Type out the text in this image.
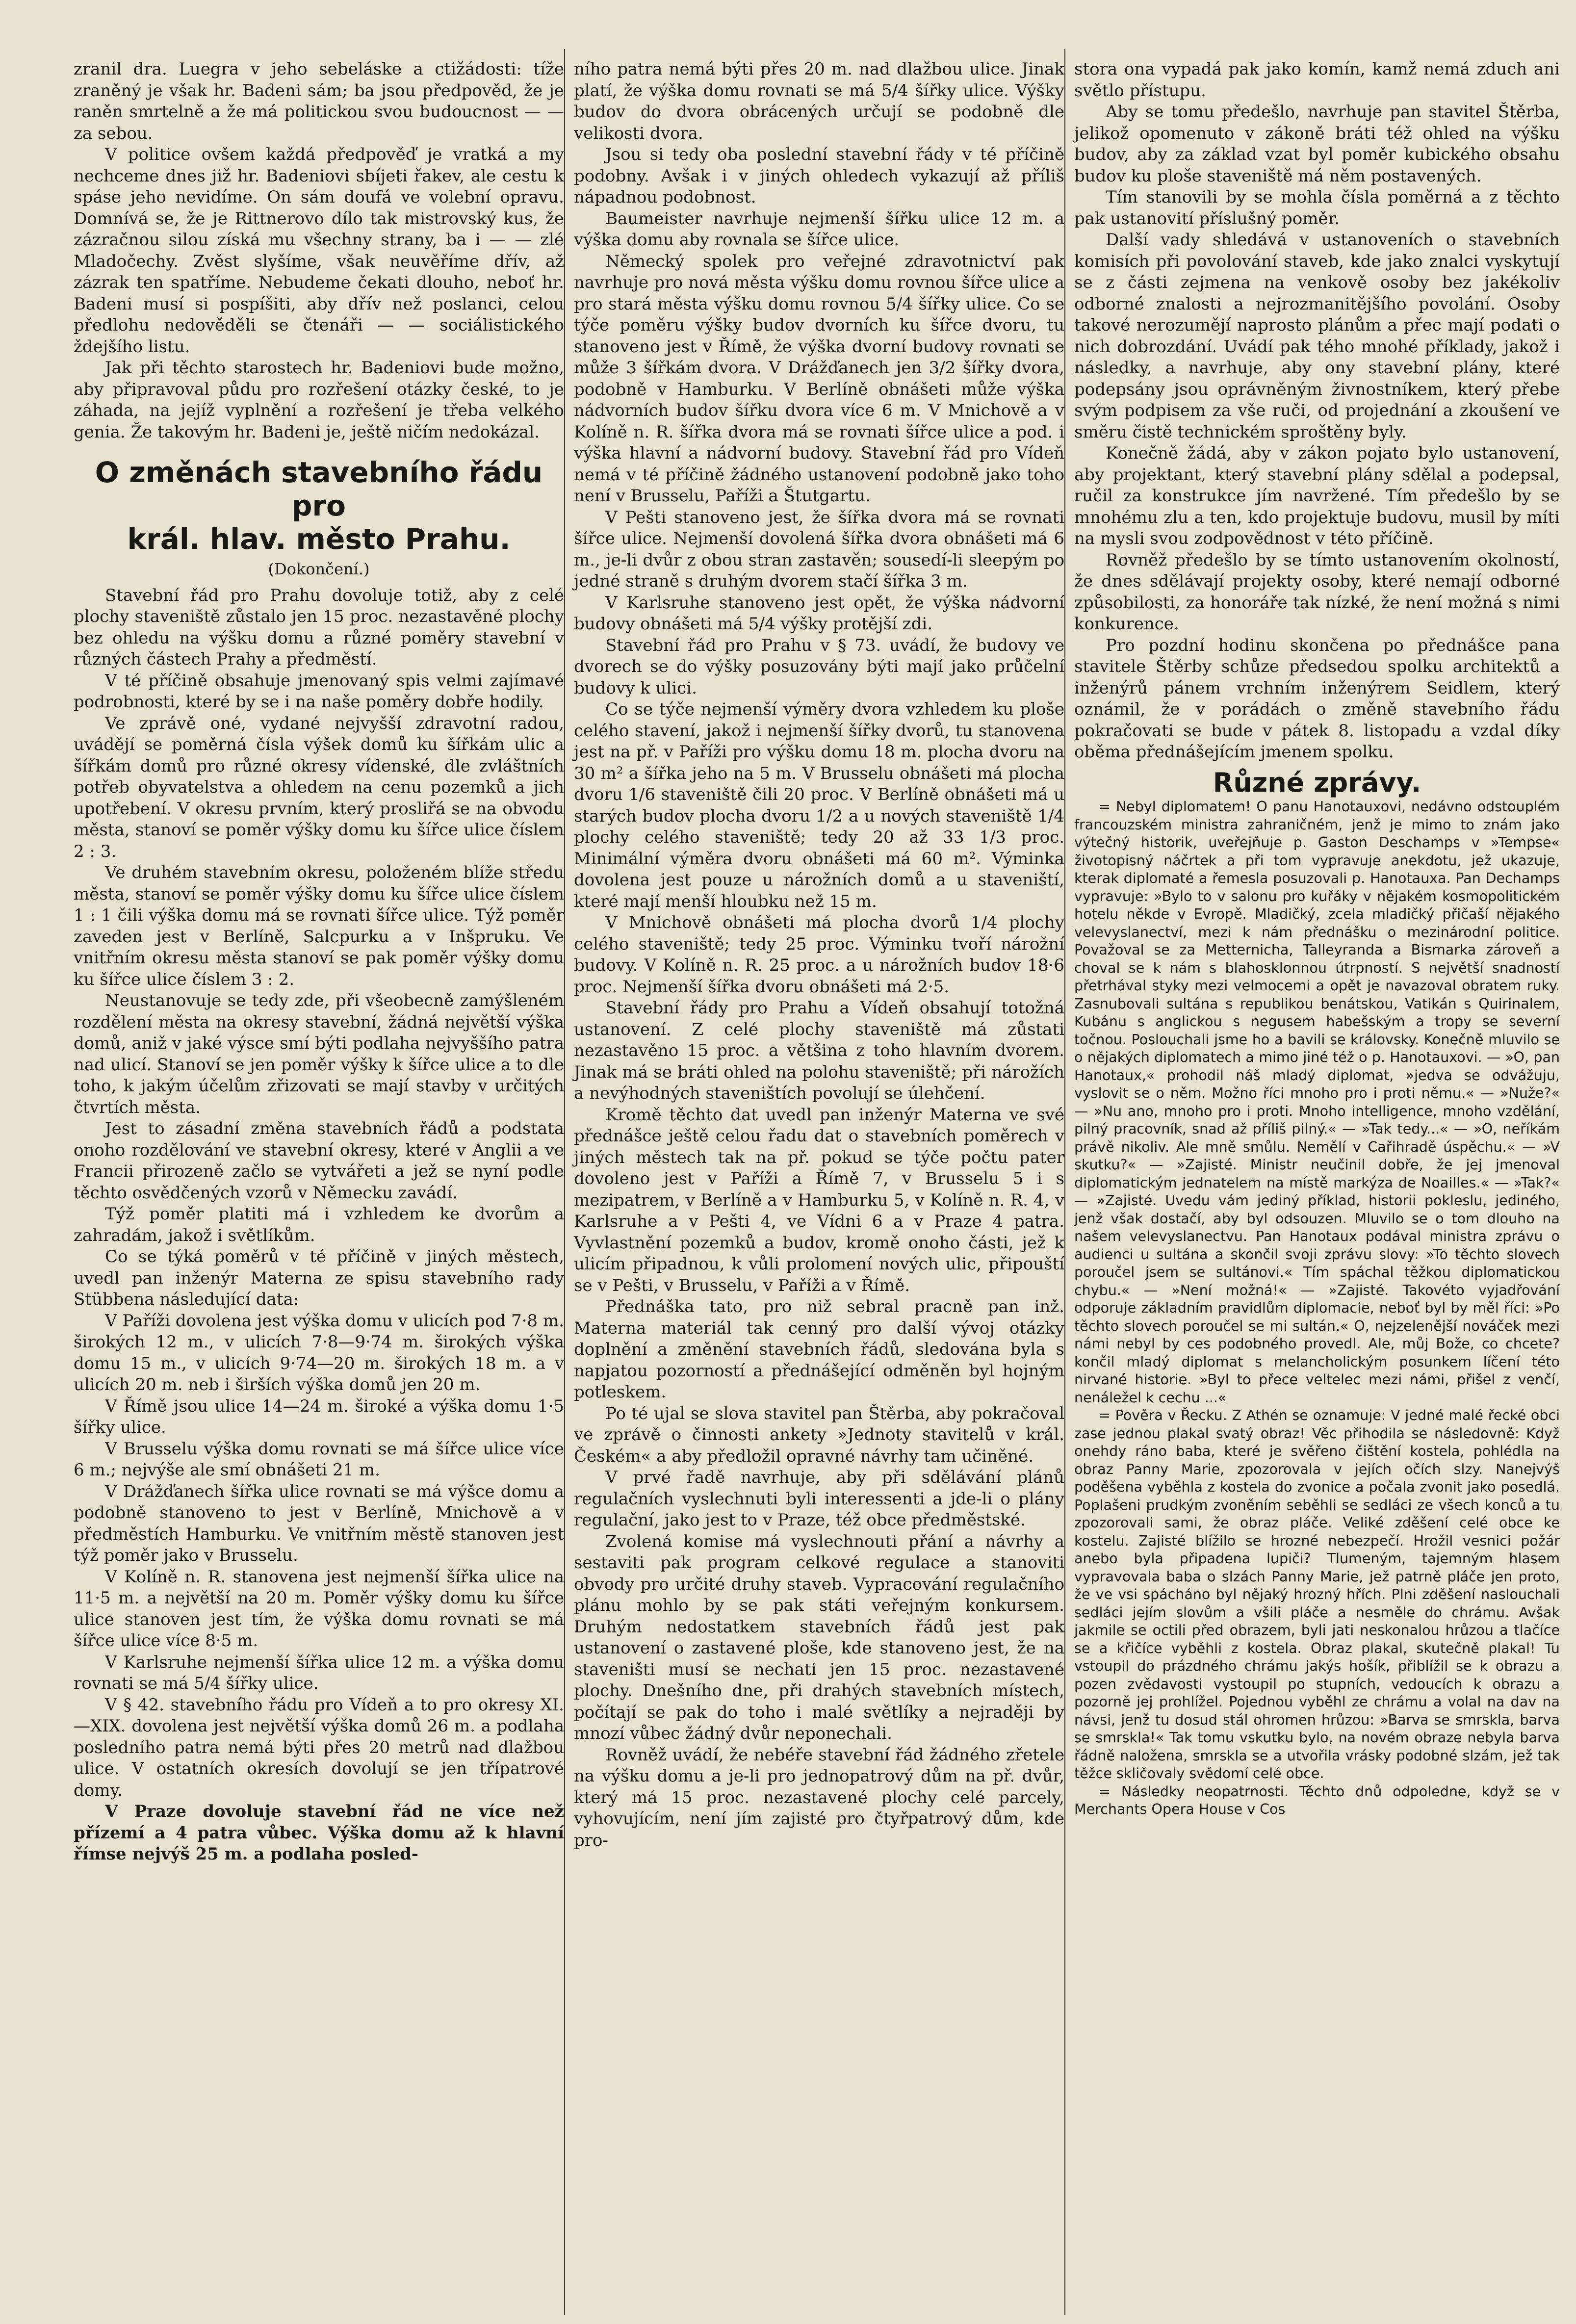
zranil dra. Luegra v jeho sebeláske a ctižádosti: tíže zraněný je však hr. Badeni sám; ba jsou předpověd, že je raněn smrtelně a že má politickou svou budoucnost — — za sebou.

V politice ovšem každá předpověď je vratká a my nechceme dnes již hr. Badeniovi sbíjeti řakev, ale cestu k spáse jeho nevidíme. On sám doufá ve volební opravu. Domnívá se, že je Rittnerovo dílo tak mistrovský kus, že zázračnou silou získá mu všechny strany, ba i — — zlé Mladočechy. Zvěst slyšíme, však neuvěříme dřív, až zázrak ten spatříme. Nebudeme čekati dlouho, neboť hr. Badeni musí si pospíšiti, aby dřív než poslanci, celou předlohu nedověděli se čtenáři — — sociálistického ždejšího listu.

Jak při těchto starostech hr. Badeniovi bude možno, aby připravoval půdu pro rozřešení otázky české, to je záhada, na jejíž vyplnění a rozřešení je třeba velkého genia. Že takovým hr. Badeni je, ještě ničím nedokázal.

O změnách stavebního řádu pro
král. hlav. město Prahu.
(Dokončení.)

Stavební řád pro Prahu dovoluje totiž, aby z celé plochy staveniště zůstalo jen 15 proc. nezastavěné plochy bez ohledu na výšku domu a různé poměry stavební v různých částech Prahy a předměstí.

V té příčině obsahuje jmenovaný spis velmi zajímavé podrobnosti, které by se i na naše poměry dobře hodily.

Ve zprávě oné, vydané nejvyšší zdravotní radou, uvádějí se poměrná čísla výšek domů ku šířkám ulic a šířkám domů pro různé okresy vídenské, dle zvláštních potřeb obyvatelstva a ohledem na cenu pozemků a jich upotřebení. V okresu prvním, který prosliřá se na obvodu města, stanoví se poměr výšky domu ku šířce ulice číslem 2 : 3.

Ve druhém stavebním okresu, položeném blíže středu města, stanoví se poměr výšky domu ku šířce ulice číslem 1 : 1 čili výška domu má se rovnati šířce ulice. Týž poměr zaveden jest v Berlíně, Salcpurku a v Inšpruku. Ve vnitřním okresu města stanoví se pak poměr výšky domu ku šířce ulice číslem 3 : 2.

Neustanovuje se tedy zde, při všeobecně zamýšleném rozdělení města na okresy stavební, žádná největší výška domů, aniž v jaké výsce smí býti podlaha nejvyššího patra nad ulicí. Stanoví se jen poměr výšky k šířce ulice a to dle toho, k jakým účelům zřizovati se mají stavby v určitých čtvrtích města.

Jest to zásadní změna stavebních řádů a podstata onoho rozdělování ve stavební okresy, které v Anglii a ve Francii přirozeně začlo se vytvářeti a jež se nyní podle těchto osvědčených vzorů v Německu zavádí.

Týž poměr platiti má i vzhledem ke dvorům a zahradám, jakož i světlíkům.

Co se týká poměrů v té příčině v jiných městech, uvedl pan inženýr Materna ze spisu stavebního rady Stübbena následující data:

V Paříži dovolena jest výška domu v ulicích pod 7·8 m. širokých 12 m., v ulicích 7·8—9·74 m. širokých výška domu 15 m., v ulicích 9·74—20 m. širokých 18 m. a v ulicích 20 m. neb i širších výška domů jen 20 m.

V Římě jsou ulice 14—24 m. široké a výška domu 1·5 šířky ulice.

V Brusselu výška domu rovnati se má šířce ulice více 6 m.; nejvýše ale smí obnášeti 21 m.

V Drážďanech šířka ulice rovnati se má výšce domu a podobně stanoveno to jest v Berlíně, Mnichově a v předměstích Hamburku. Ve vnitřním městě stanoven jest týž poměr jako v Brusselu.

V Kolíně n. R. stanovena jest nejmenší šířka ulice na 11·5 m. a největší na 20 m. Poměr výšky domu ku šířce ulice stanoven jest tím, že výška domu rovnati se má šířce ulice více 8·5 m.

V Karlsruhe nejmenší šířka ulice 12 m. a výška domu rovnati se má 5/4 šířky ulice.

V § 42. stavebního řádu pro Vídeň a to pro okresy XI.—XIX. dovolena jest největší výška domů 26 m. a podlaha posledního patra nemá býti přes 20 metrů nad dlažbou ulice. V ostatních okresích dovolují se jen třípatrové domy.

V Praze dovoluje stavební řád ne více než přízemí a 4 patra vůbec. Výška domu až k hlavní římse nejvýš 25 m. a podlaha posled-

ního patra nemá býti přes 20 m. nad dlažbou ulice. Jinak platí, že výška domu rovnati se má 5/4 šířky ulice. Výšky budov do dvora obrácených určují se podobně dle velikosti dvora.

Jsou si tedy oba poslední stavební řády v té příčině podobny. Avšak i v jiných ohledech vykazují až příliš nápadnou podobnost.

Baumeister navrhuje nejmenší šířku ulice 12 m. a výška domu aby rovnala se šířce ulice.

Německý spolek pro veřejné zdravotnictví pak navrhuje pro nová města výšku domu rovnou šířce ulice a pro stará města výšku domu rovnou 5/4 šířky ulice. Co se týče poměru výšky budov dvorních ku šířce dvoru, tu stanoveno jest v Římě, že výška dvorní budovy rovnati se může 3 šířkám dvora. V Drážďanech jen 3/2 šířky dvora, podobně v Hamburku. V Berlíně obnášeti může výška nádvorních budov šířku dvora více 6 m. V Mnichově a v Kolíně n. R. šířka dvora má se rovnati šířce ulice a pod. i výška hlavní a nádvorní budovy. Stavební řád pro Vídeň nemá v té příčině žádného ustanovení podobně jako toho není v Brusselu, Paříži a Štutgartu.

V Pešti stanoveno jest, že šířka dvora má se rovnati šířce ulice. Nejmenší dovolená šířka dvora obnášeti má 6 m., je-li dvůr z obou stran zastavěn; sousedí-li sleepým po jedné straně s druhým dvorem stačí šířka 3 m.

V Karlsruhe stanoveno jest opět, že výška nádvorní budovy obnášeti má 5/4 výšky protější zdi.

Stavební řád pro Prahu v § 73. uvádí, že budovy ve dvorech se do výšky posuzovány býti mají jako průčelní budovy k ulici.

Co se týče nejmenší výměry dvora vzhledem ku ploše celého stavení, jakož i nejmenší šířky dvorů, tu stanovena jest na př. v Paříži pro výšku domu 18 m. plocha dvoru na 30 m² a šířka jeho na 5 m. V Brusselu obnášeti má plocha dvoru 1/6 staveniště čili 20 proc. V Berlíně obnášeti má u starých budov plocha dvoru 1/2 a u nových staveniště 1/4 plochy celého staveniště; tedy 20 až 33 1/3 proc. Minimální výměra dvoru obnášeti má 60 m². Výminka dovolena jest pouze u nárožních domů a u staveniští, které mají menší hloubku než 15 m.

V Mnichově obnášeti má plocha dvorů 1/4 plochy celého staveniště; tedy 25 proc. Výminku tvoří nárožní budovy. V Kolíně n. R. 25 proc. a u nárožních budov 18·6 proc. Nejmenší šířka dvoru obnášeti má 2·5.

Stavební řády pro Prahu a Vídeň obsahují totožná ustanovení. Z celé plochy staveniště má zůstati nezastavěno 15 proc. a většina z toho hlavním dvorem. Jinak má se bráti ohled na polohu staveniště; při nárožích a nevýhodných staveništích povolují se úlehčení.

Kromě těchto dat uvedl pan inženýr Materna ve své přednášce ještě celou řadu dat o stavebních poměrech v jiných městech tak na př. pokud se týče počtu pater dovoleno jest v Paříži a Římě 7, v Brusselu 5 i s mezipatrem, v Berlíně a v Hamburku 5, v Kolíně n. R. 4, v Karlsruhe a v Pešti 4, ve Vídni 6 a v Praze 4 patra. Vyvlastnění pozemků a budov, kromě onoho části, jež k ulicím připadnou, k vůli prolomení nových ulic, připouští se v Pešti, v Brusselu, v Paříži a v Římě.

Přednáška tato, pro niž sebral pracně pan inž. Materna materiál tak cenný pro další vývoj otázky doplnění a změnění stavebních řádů, sledována byla s napjatou pozorností a přednášející odměněn byl hojným potleskem.

Po té ujal se slova stavitel pan Štěrba, aby pokračoval ve zprávě o činnosti ankety »Jednoty stavitelů v král. Českém« a aby předložil opravné návrhy tam učiněné.

V prvé řadě navrhuje, aby při sdělávání plánů regulačních vyslechnuti byli interessenti a jde-li o plány regulační, jako jest to v Praze, též obce předměstské.

Zvolená komise má vyslechnouti přání a návrhy a sestaviti pak program celkové regulace a stanoviti obvody pro určité druhy staveb. Vypracování regulačního plánu mohlo by se pak státi veřejným konkursem. Druhým nedostatkem stavebních řádů jest pak ustanovení o zastavené ploše, kde stanoveno jest, že na staveništi musí se nechati jen 15 proc. nezastavené plochy. Dnešního dne, při drahých stavebních místech, počítají se pak do toho i malé světlíky a nejraději by mnozí vůbec žádný dvůr neponechali.

Rovněž uvádí, že nebéře stavební řád žádného zřetele na výšku domu a je-li pro jednopatrový dům na př. dvůr, který má 15 proc. nezastavené plochy celé parcely, vyhovujícím, není jím zajisté pro čtyřpatrový dům, kde pro-

stora ona vypadá pak jako komín, kamž nemá zduch ani světlo přístupu.

Aby se tomu předešlo, navrhuje pan stavitel Štěrba, jelikož opomenuto v zákoně bráti též ohled na výšku budov, aby za základ vzat byl poměr kubického obsahu budov ku ploše staveniště má něm postavených.

Tím stanovili by se mohla čísla poměrná a z těchto pak ustanovití příslušný poměr.

Další vady shledává v ustanoveních o stavebních komisích při povolování staveb, kde jako znalci vyskytují se z části zejmena na venkově osoby bez jakékoliv odborné znalosti a nejrozmanitějšího povolání. Osoby takové nerozumějí naprosto plánům a přec mají podati o nich dobrozdání. Uvádí pak tého mnohé příklady, jakož i následky, a navrhuje, aby ony stavební plány, které podepsány jsou oprávněným živnostníkem, který přebe svým podpisem za vše ruči, od projednání a zkoušení ve směru čistě technickém sproštěny byly.

Konečně žádá, aby v zákon pojato bylo ustanovení, aby projektant, který stavební plány sdělal a podepsal, ručil za konstrukce jím navržené. Tím předešlo by se mnohému zlu a ten, kdo projektuje budovu, musil by míti na mysli svou zodpovědnost v této příčině.

Rovněž předešlo by se tímto ustanovením okolností, že dnes sdělávají projekty osoby, které nemají odborné způsobilosti, za honoráře tak nízké, že není možná s nimi konkurence.

Pro pozdní hodinu skončena po přednášce pana stavitele Štěrby schůze předsedou spolku architektů a inženýrů pánem vrchním inženýrem Seidlem, který oznámil, že v porádách o změně stavebního řádu pokračovati se bude v pátek 8. listopadu a vzdal díky oběma přednášejícím jmenem spolku.

Různé zprávy.

= Nebyl diplomatem! O panu Hanotauxovi, nedávno odstouplém francouzském ministra zahraničném, jenž je mimo to znám jako výtečný historik, uveřejňuje p. Gaston Deschamps v »Tempse« životopisný náčrtek a při tom vypravuje anekdotu, jež ukazuje, kterak diplomaté a řemesla posuzovali p. Hanotauxa. Pan Dechamps vypravuje: »Bylo to v salonu pro kuřáky v nějakém kosmopolitickém hotelu někde v Evropě. Mladičký, zcela mladičký přičaší nějakého velevyslanectví, mezi k nám přednášku o mezinárodní politice. Považoval se za Metternicha, Talleyranda a Bismarka zároveň a choval se k nám s blahosklonnou útrpností. S největší snadností přetrhával styky mezi velmocemi a opět je navazoval obratem ruky. Zasnubovali sultána s republikou benátskou, Vatikán s Quirinalem, Kubánu s anglickou s negusem habešským a tropy se severní točnou. Poslouchali jsme ho a bavili se královsky. Konečně mluvilo se o nějakých diplomatech a mimo jiné též o p. Hanotauxovi. — »O, pan Hanotaux,« prohodil náš mladý diplomat, »jedva se odvážuju, vyslovit se o něm. Možno říci mnoho pro i proti němu.« — »Nuže?« — »Nu ano, mnoho pro i proti. Mnoho intelligence, mnoho vzdělání, pilný pracovník, snad až příliš pilný.« — »Tak tedy...« — »O, neříkám právě nikoliv. Ale mně smůlu. Nemělí v Cařihradě úspěchu.« — »V skutku?« — »Zajisté. Ministr neučinil dobře, že jej jmenoval diplomatickým jednatelem na místě markýza de Noailles.« — »Tak?« — »Zajisté. Uvedu vám jediný příklad, historii pokleslu, jediného, jenž však dostačí, aby byl odsouzen. Mluvilo se o tom dlouho na našem velevyslanectvu. Pan Hanotaux podával ministra zprávu o audienci u sultána a skončil svoji zprávu slovy: »To těchto slovech poroučel jsem se sultánovi.« Tím spáchal těžkou diplomatickou chybu.« — »Není možná!« — »Zajisté. Takovéto vyjadřování odporuje základním pravidlům diplomacie, neboť byl by měl říci: »Po těchto slovech poroučel se mi sultán.« O, nejzelenější nováček mezi námi nebyl by ces podobného provedl. Ale, můj Bože, co chcete? končil mladý diplomat s melancholickým posunkem líčení této nirvané historie. »Byl to přece veltelec mezi námi, přišel z venčí, nenáležel k cechu ...«

= Pověra v Řecku. Z Athén se oznamuje: V jedné malé řecké obci zase jednou plakal svatý obraz! Věc přihodila se následovně: Když onehdy ráno baba, které je svěřeno čištění kostela, pohlédla na obraz Panny Marie, zpozorovala v jejích očích slzy. Nanejvýš poděšena vyběhla z kostela do zvonice a počala zvonit jako posedlá. Poplašeni prudkým zvoněním seběhli se sedláci ze všech konců a tu zpozorovali sami, že obraz pláče. Veliké zděšení celé obce ke kostelu. Zajisté blížilo se hrozné nebezpečí. Hrožil vesnici požár anebo byla připadena lupiči? Tlumeným, tajemným hlasem vypravovala baba o slzách Panny Marie, jež patrně pláče jen proto, že ve vsi spácháno byl nějaký hrozný hřích. Plni zděšení naslouchali sedláci jejím slovům a všili pláče a nesměle do chrámu. Avšak jakmile se octili před obrazem, byli jati neskonalou hrůzou a tlačíce se a křičíce vyběhli z kostela. Obraz plakal, skutečně plakal! Tu vstoupil do prázdného chrámu jakýs hošík, přiblížil se k obrazu a pozen zvědavosti vystoupil po stupních, vedoucích k obrazu a pozorně jej prohlížel. Pojednou vyběhl ze chrámu a volal na dav na návsi, jenž tu dosud stál ohromen hrůzou: »Barva se smrskla, barva se smrskla!« Tak tomu vskutku bylo, na novém obraze nebyla barva řádně naložena, smrskla se a utvořila vrásky podobné slzám, jež tak těžce skličovaly svědomí celé obce.

= Následky neopatrnosti. Těchto dnů odpoledne, když se v Merchants Opera House v Cos
